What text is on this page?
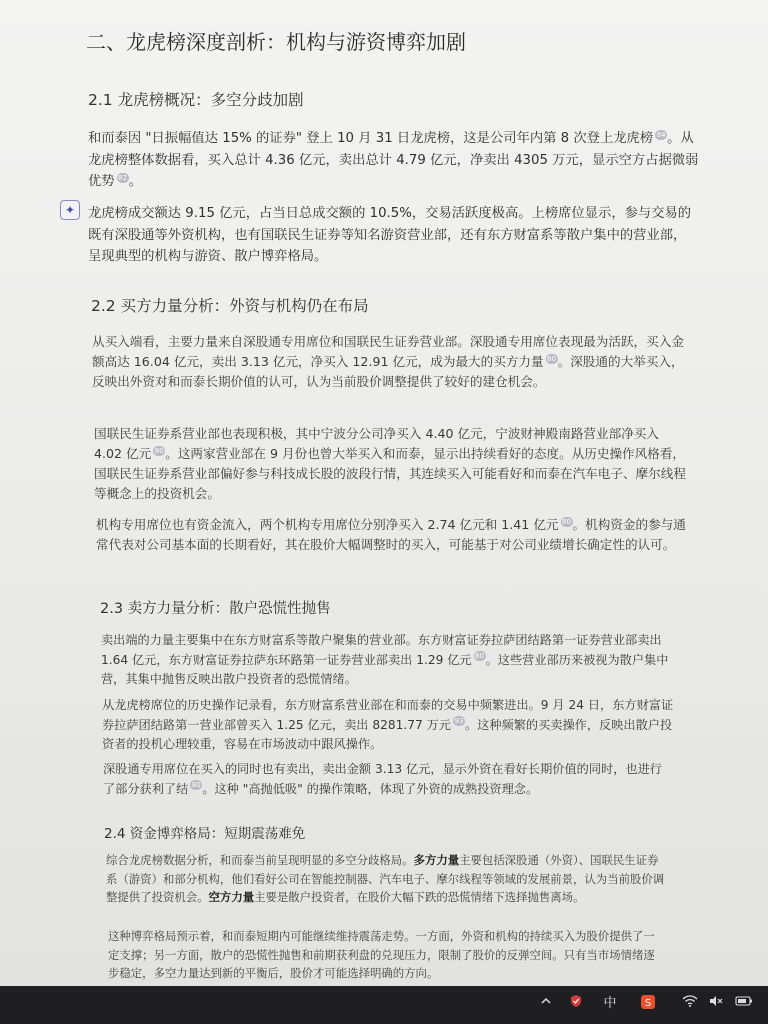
二、龙虎榜深度剖析：机构与游资博弈加剧
2.1 龙虎榜概况：多空分歧加剧
和而泰因 "日振幅值达 15% 的证券" 登上 10 月 31 日龙虎榜，这是公司年内第 8 次登上龙虎榜 84 。从龙虎榜整体数据看，买入总计 4.36 亿元，卖出总计 4.79 亿元，净卖出 4305 万元，显示空方占据微弱优势 82 。
✦ 龙虎榜成交额达 9.15 亿元，占当日总成交额的 10.5%，交易活跃度极高。上榜席位显示，参与交易的既有深股通等外资机构，也有国联民生证券等知名游资营业部，还有东方财富系等散户集中的营业部，呈现典型的机构与游资、散户博弈格局。
2.2 买方力量分析：外资与机构仍在布局
从买入端看，主要力量来自深股通专用席位和国联民生证券营业部。深股通专用席位表现最为活跃，买入金额高达 16.04 亿元，卖出 3.13 亿元，净买入 12.91 亿元，成为最大的买方力量 80 。深股通的大举买入，反映出外资对和而泰长期价值的认可，认为当前股价调整提供了较好的建仓机会。
国联民生证券系营业部也表现积极，其中宁波分公司净买入 4.40 亿元，宁波财神殿南路营业部净买入 4.02 亿元 80 。这两家营业部在 9 月份也曾大举买入和而泰，显示出持续看好的态度。从历史操作风格看，国联民生证券系营业部偏好参与科技成长股的波段行情，其连续买入可能看好和而泰在汽车电子、摩尔线程等概念上的投资机会。
机构专用席位也有资金流入，两个机构专用席位分别净买入 2.74 亿元和 1.41 亿元 80 。机构资金的参与通常代表对公司基本面的长期看好，其在股价大幅调整时的买入，可能基于对公司业绩增长确定性的认可。
2.3 卖方力量分析：散户恐慌性抛售
卖出端的力量主要集中在东方财富系等散户聚集的营业部。东方财富证券拉萨团结路第一证券营业部卖出 1.64 亿元，东方财富证券拉萨东环路第一证券营业部卖出 1.29 亿元 80 。这些营业部历来被视为散户集中营，其集中抛售反映出散户投资者的恐慌情绪。
从龙虎榜席位的历史操作记录看，东方财富系营业部在和而泰的交易中频繁进出。9 月 24 日，东方财富证券拉萨团结路第一营业部曾买入 1.25 亿元，卖出 8281.77 万元 93 。这种频繁的买卖操作，反映出散户投资者的投机心理较重，容易在市场波动中跟风操作。
深股通专用席位在买入的同时也有卖出，卖出金额 3.13 亿元，显示外资在看好长期价值的同时，也进行了部分获利了结 80 。这种 "高抛低吸" 的操作策略，体现了外资的成熟投资理念。
2.4 资金博弈格局：短期震荡难免
综合龙虎榜数据分析，和而泰当前呈现明显的多空分歧格局。多方力量主要包括深股通（外资）、国联民生证券系（游资）和部分机构，他们看好公司在智能控制器、汽车电子、摩尔线程等领域的发展前景，认为当前股价调整提供了投资机会。空方力量主要是散户投资者，在股价大幅下跌的恐慌情绪下选择抛售离场。
这种博弈格局预示着，和而泰短期内可能继续维持震荡走势。一方面，外资和机构的持续买入为股价提供了一定支撑；另一方面，散户的恐慌性抛售和前期获利盘的兑现压力，限制了股价的反弹空间。只有当市场情绪逐步稳定，多空力量达到新的平衡后，股价才可能选择明确的方向。
中	S
